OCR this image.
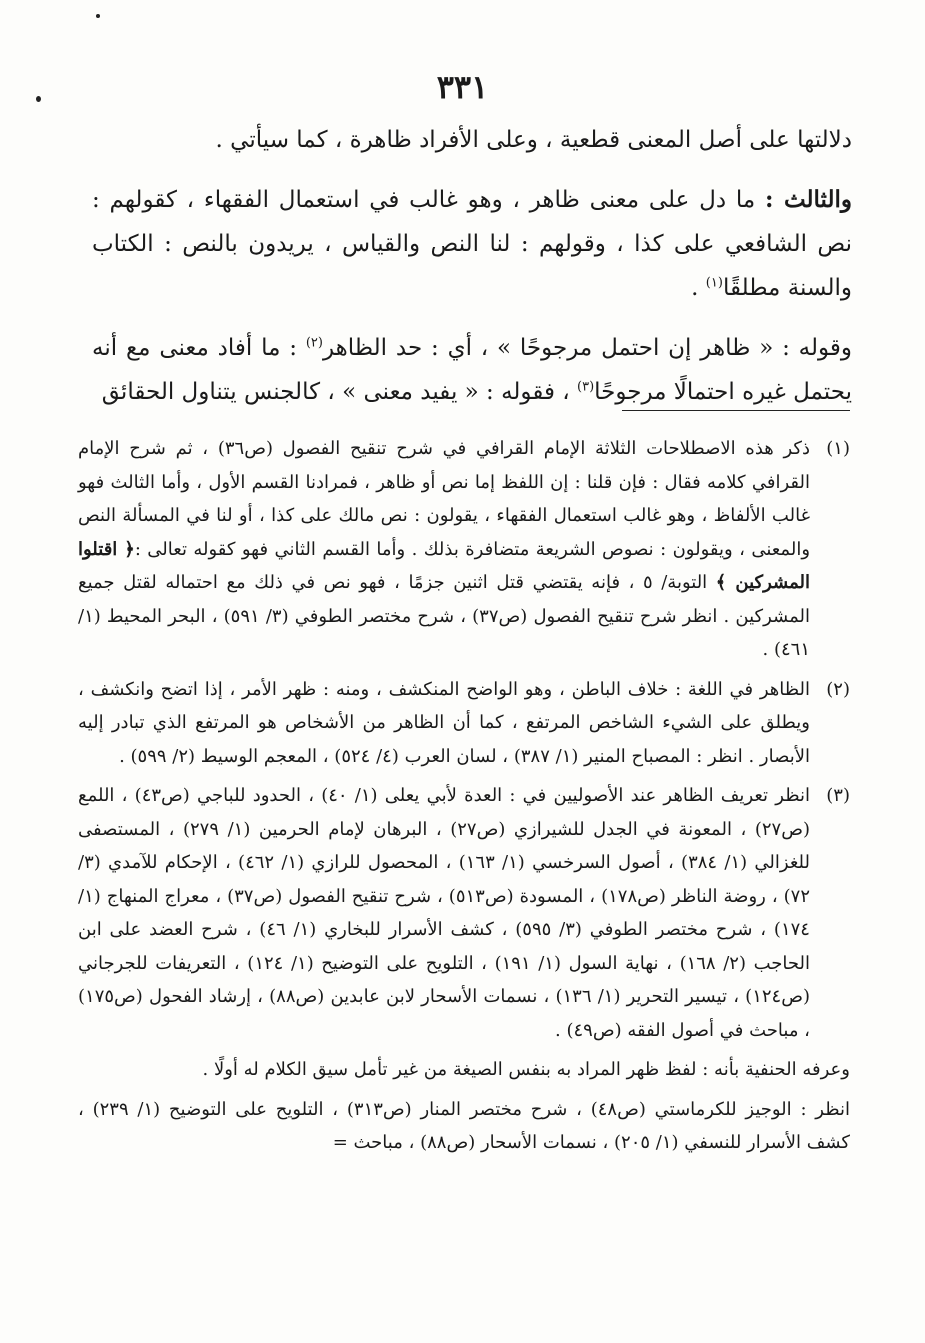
٣٣١

دلالتها على أصل المعنى قطعية ، وعلى الأفراد ظاهرة ، كما سيأتي .

والثالث : ما دل على معنى ظاهر ، وهو غالب في استعمال الفقهاء ، كقولهم : نص الشافعي على كذا ، وقولهم : لنا النص والقياس ، يريدون بالنص : الكتاب والسنة مطلقًا$^{(١)}$ .

وقوله : « ظاهر إن احتمل مرجوحًا » ، أي : حد الظاهر$^{(٢)}$ : ما أفاد معنى مع أنه يحتمل غيره احتمالًا مرجوحًا$^{(٣)}$ ، فقوله : « يفيد معنى » ، كالجنس يتناول الحقائق

(١)
ذكر هذه الاصطلاحات الثلاثة الإمام القرافي في شرح تنقيح الفصول (ص٣٦) ، ثم شرح الإمام القرافي كلامه فقال : فإن قلنا : إن اللفظ إما نص أو ظاهر ، فمرادنا القسم الأول ، وأما الثالث فهو غالب الألفاظ ، وهو غالب استعمال الفقهاء ، يقولون : نص مالك على كذا ، أو لنا في المسألة النص والمعنى ، ويقولون : نصوص الشريعة متضافرة بذلك . وأما القسم الثاني فهو كقوله تعالى :﴿ اقتلوا المشركين ﴾ التوبة/ ٥ ، فإنه يقتضي قتل اثنين جزمًا ، فهو نص في ذلك مع احتماله لقتل جميع المشركين . انظر شرح تنقيح الفصول (ص٣٧) ، شرح مختصر الطوفي (٣/ ٥٩١) ، البحر المحيط (١/ ٤٦١) .
(٢)
الظاهر في اللغة : خلاف الباطن ، وهو الواضح المنكشف ، ومنه : ظهر الأمر ، إذا اتضح وانكشف ، ويطلق على الشيء الشاخص المرتفع ، كما أن الظاهر من الأشخاص هو المرتفع الذي تبادر إليه الأبصار . انظر : المصباح المنير (١/ ٣٨٧) ، لسان العرب (٤/ ٥٢٤) ، المعجم الوسيط (٢/ ٥٩٩) .
(٣)
انظر تعريف الظاهر عند الأصوليين في : العدة لأبي يعلى (١/ ٤٠) ، الحدود للباجي (ص٤٣) ، اللمع (ص٢٧) ، المعونة في الجدل للشيرازي (ص٢٧) ، البرهان لإمام الحرمين (١/ ٢٧٩) ، المستصفى للغزالي (١/ ٣٨٤) ، أصول السرخسي (١/ ١٦٣) ، المحصول للرازي (١/ ٤٦٢) ، الإحكام للآمدي (٣/ ٧٢) ، روضة الناظر (ص١٧٨) ، المسودة (ص٥١٣) ، شرح تنقيح الفصول (ص٣٧) ، معراج المنهاج (١/ ١٧٤) ، شرح مختصر الطوفي (٣/ ٥٩٥) ، كشف الأسرار للبخاري (١/ ٤٦) ، شرح العضد على ابن الحاجب (٢/ ١٦٨) ، نهاية السول (١/ ١٩١) ، التلويح على التوضيح (١/ ١٢٤) ، التعريفات للجرجاني (ص١٢٤) ، تيسير التحرير (١/ ١٣٦) ، نسمات الأسحار لابن عابدين (ص٨٨) ، إرشاد الفحول (ص١٧٥) ، مباحث في أصول الفقه (ص٤٩) .
وعرفه الحنفية بأنه : لفظ ظهر المراد به بنفس الصيغة من غير تأمل سيق الكلام له أولًا .
انظر : الوجيز للكرماستي (ص٤٨) ، شرح مختصر المنار (ص٣١٣) ، التلويح على التوضيح (١/ ٢٣٩) ، كشف الأسرار للنسفي (١/ ٢٠٥) ، نسمات الأسحار (ص٨٨) ، مباحث =
